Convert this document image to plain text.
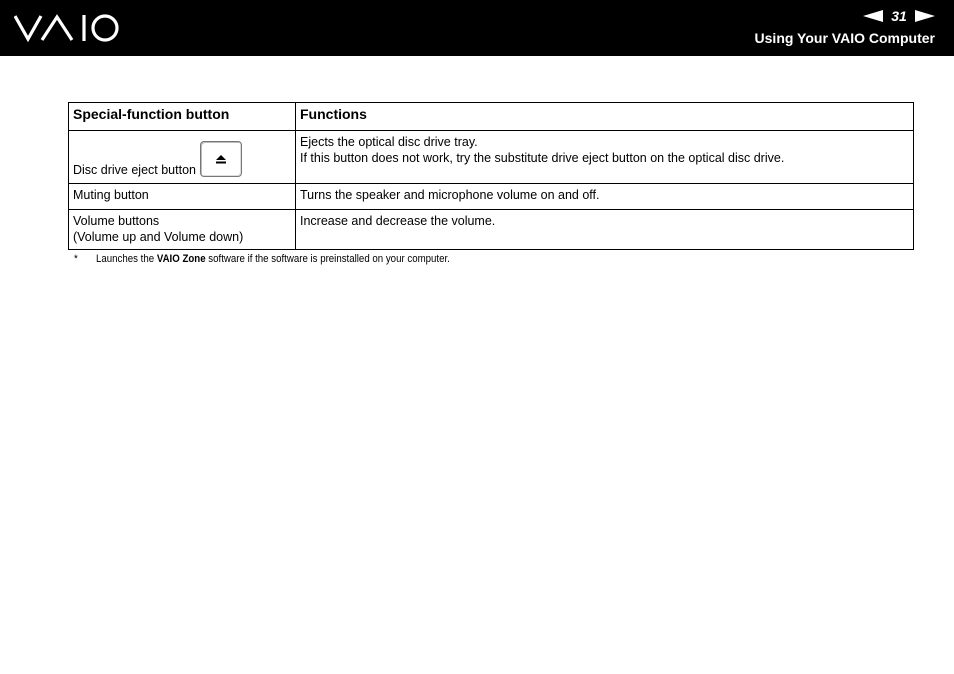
31
Using Your VAIO Computer
Special-function button	Functions

Disc drive eject button	Ejects the optical disc drive tray.
If this button does not work, try the substitute drive eject button on the optical disc drive.

Muting button	Turns the speaker and microphone volume on and off.

Volume buttons
(Volume up and Volume down)	Increase and decrease the volume.
* Launches the VAIO Zone software if the software is preinstalled on your computer.
